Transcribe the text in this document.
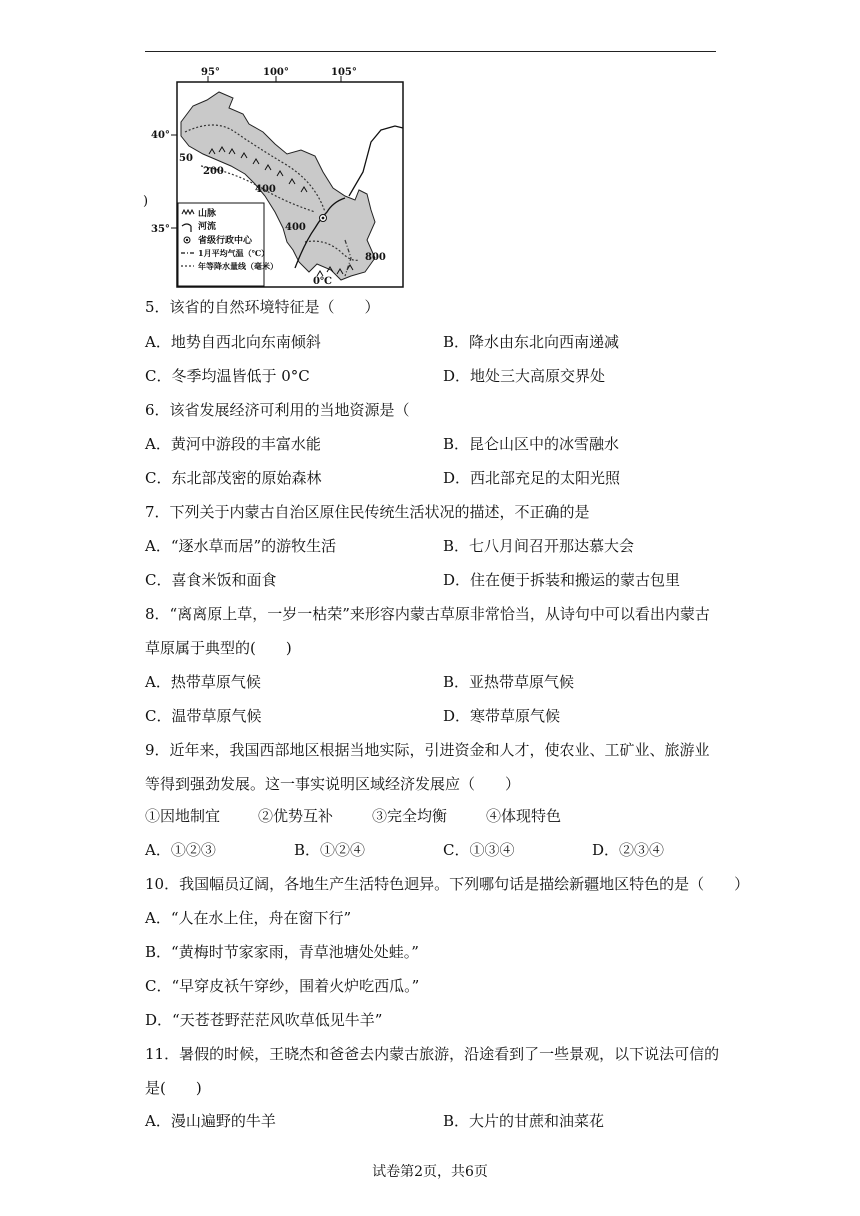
95°	100°	105°
40°
35°
50
200
400
400
800
0℃
山脉
河流
省级行政中心
1月平均气温（℃）
年等降水量线（毫米）
)
5．该省的自然环境特征是（　　）
A．地势自西北向东南倾斜	B．降水由东北向西南递减
C．冬季均温皆低于 0°C	D．地处三大高原交界处
6．该省发展经济可利用的当地资源是（
A．黄河中游段的丰富水能	B．昆仑山区中的冰雪融水
C．东北部茂密的原始森林	D．西北部充足的太阳光照
7．下列关于内蒙古自治区原住民传统生活状况的描述，不正确的是
A．“逐水草而居”的游牧生活	B．七八月间召开那达慕大会
C．喜食米饭和面食	D．住在便于拆装和搬运的蒙古包里
8．“离离原上草，一岁一枯荣”来形容内蒙古草原非常恰当，从诗句中可以看出内蒙古
草原属于典型的(　　)
A．热带草原气候	B．亚热带草原气候
C．温带草原气候	D．寒带草原气候
9．近年来，我国西部地区根据当地实际，引进资金和人才，使农业、工矿业、旅游业
等得到强劲发展。这一事实说明区域经济发展应（　　）
①因地制宜	②优势互补	③完全均衡	④体现特色
A．①②③	B．①②④	C．①③④	D．②③④
10．我国幅员辽阔，各地生产生活特色迥异。下列哪句话是描绘新疆地区特色的是（　　）
A．“人在水上住，舟在窗下行”
B．“黄梅时节家家雨，青草池塘处处蛙。”
C．“早穿皮袄午穿纱，围着火炉吃西瓜。”
D．“天苍苍野茫茫风吹草低见牛羊”
11．暑假的时候，王晓杰和爸爸去内蒙古旅游，沿途看到了一些景观，以下说法可信的
是(　　)
A．漫山遍野的牛羊	B．大片的甘蔗和油菜花
试卷第2页，共6页
